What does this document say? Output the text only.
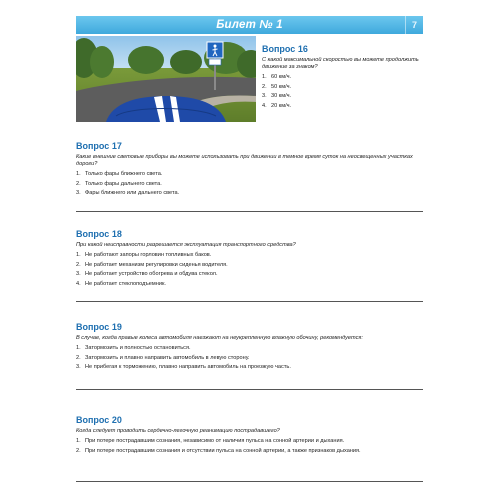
Билет № 1	7
Вопрос 16
С какой максимальной скоростью вы можете продолжить движение за знаком?
1. 60 км/ч.
2. 50 км/ч.
3. 30 км/ч.
4. 20 км/ч.
Вопрос 17
Какие внешние световые приборы вы можете использовать при движении в темное время суток на неосвещенных участках дороги?
1. Только фары ближнего света.
2. Только фары дальнего света.
3. Фары ближнего или дальнего света.
Вопрос 18
При какой неисправности разрешается эксплуатация транспортного средства?
1. Не работают запоры горловин топливных баков.
2. Не работает механизм регулировки сиденья водителя.
3. Не работает устройство обогрева и обдува стекол.
4. Не работает стеклоподъемник.
Вопрос 19
В случае, когда правые колеса автомобиля наезжают на неукрепленную влажную обочину, рекомендуется:
1. Затормозить и полностью остановиться.
2. Затормозить и плавно направить автомобиль в левую сторону.
3. Не прибегая к торможению, плавно направить автомобиль на проезжую часть.
Вопрос 20
Когда следует проводить сердечно-легочную реанимацию пострадавшего?
1. При потере пострадавшим сознания, независимо от наличия пульса на сонной артерии и дыхания.
2. При потере пострадавшим сознания и отсутствии пульса на сонной артерии, а также признаков дыхания.
